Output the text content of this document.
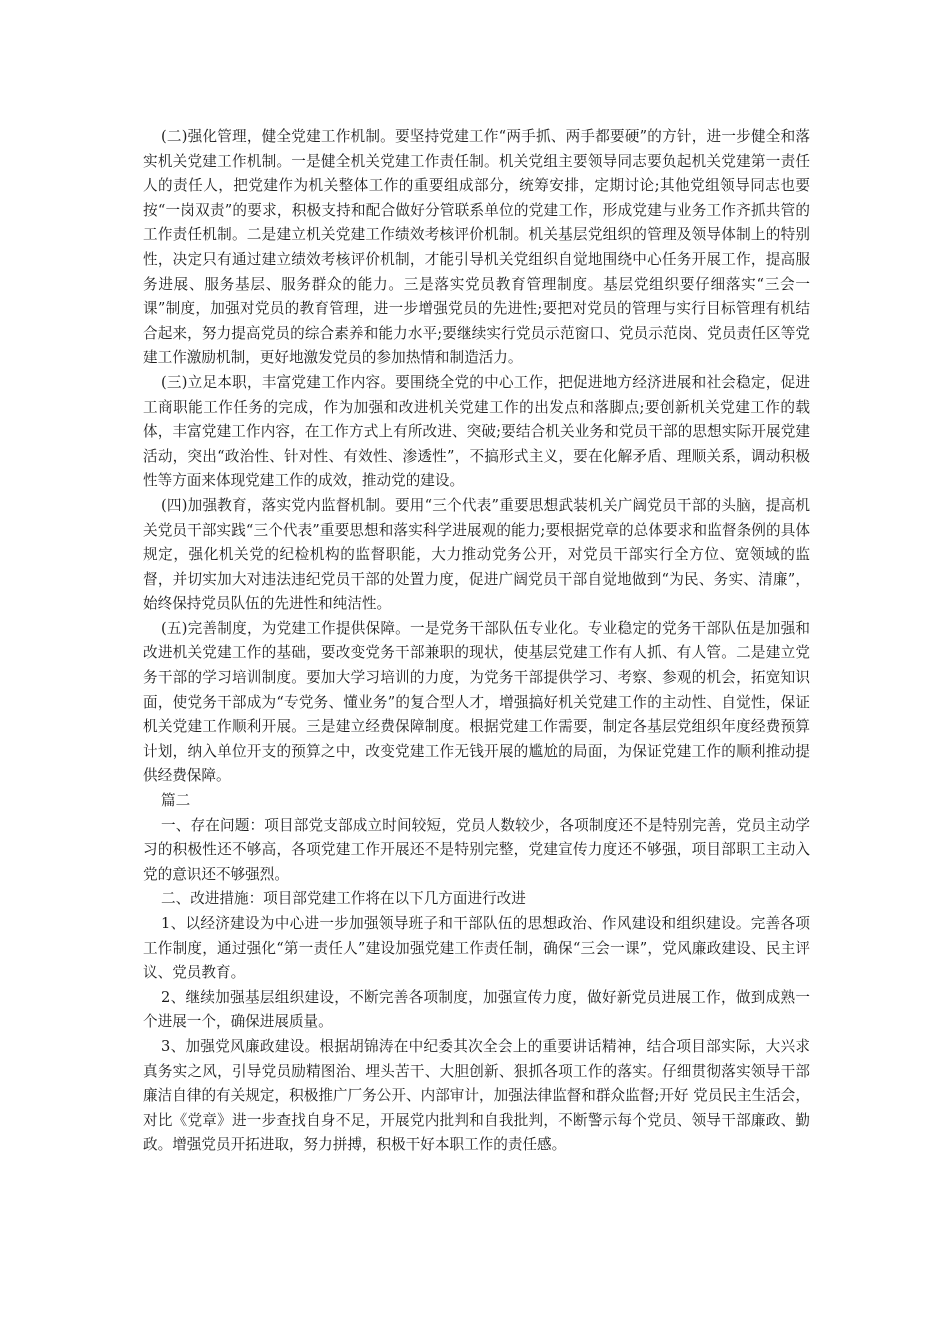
(二)强化管理，健全党建工作机制。要坚持党建工作“两手抓、两手都要硬”的方针，进一步健全和落实机关党建工作机制。一是健全机关党建工作责任制。机关党组主要领导同志要负起机关党建第一责任人的责任人，把党建作为机关整体工作的重要组成部分，统筹安排，定期讨论;其他党组领导同志也要按“一岗双责”的要求，积极支持和配合做好分管联系单位的党建工作，形成党建与业务工作齐抓共管的工作责任机制。二是建立机关党建工作绩效考核评价机制。机关基层党组织的管理及领导体制上的特别性，决定只有通过建立绩效考核评价机制，才能引导机关党组织自觉地围绕中心任务开展工作，提高服务进展、服务基层、服务群众的能力。三是落实党员教育管理制度。基层党组织要仔细落实“三会一课”制度，加强对党员的教育管理，进一步增强党员的先进性;要把对党员的管理与实行目标管理有机结合起来，努力提高党员的综合素养和能力水平;要继续实行党员示范窗口、党员示范岗、党员责任区等党建工作激励机制，更好地激发党员的参加热情和制造活力。

(三)立足本职，丰富党建工作内容。要围绕全党的中心工作，把促进地方经济进展和社会稳定，促进工商职能工作任务的完成，作为加强和改进机关党建工作的出发点和落脚点;要创新机关党建工作的载体，丰富党建工作内容，在工作方式上有所改进、突破;要结合机关业务和党员干部的思想实际开展党建活动，突出“政治性、针对性、有效性、渗透性”，不搞形式主义，要在化解矛盾、理顺关系，调动积极性等方面来体现党建工作的成效，推动党的建设。

(四)加强教育，落实党内监督机制。要用“三个代表”重要思想武装机关广阔党员干部的头脑，提高机关党员干部实践“三个代表”重要思想和落实科学进展观的能力;要根据党章的总体要求和监督条例的具体规定，强化机关党的纪检机构的监督职能，大力推动党务公开，对党员干部实行全方位、宽领域的监督，并切实加大对违法违纪党员干部的处置力度，促进广阔党员干部自觉地做到“为民、务实、清廉”，始终保持党员队伍的先进性和纯洁性。

(五)完善制度，为党建工作提供保障。一是党务干部队伍专业化。专业稳定的党务干部队伍是加强和改进机关党建工作的基础，要改变党务干部兼职的现状，使基层党建工作有人抓、有人管。二是建立党务干部的学习培训制度。要加大学习培训的力度，为党务干部提供学习、考察、参观的机会，拓宽知识面，使党务干部成为“专党务、懂业务”的复合型人才，增强搞好机关党建工作的主动性、自觉性，保证机关党建工作顺利开展。三是建立经费保障制度。根据党建工作需要，制定各基层党组织年度经费预算计划，纳入单位开支的预算之中，改变党建工作无钱开展的尴尬的局面，为保证党建工作的顺利推动提供经费保障。

篇二

一、存在问题：项目部党支部成立时间较短，党员人数较少，各项制度还不是特别完善，党员主动学习的积极性还不够高，各项党建工作开展还不是特别完整，党建宣传力度还不够强，项目部职工主动入党的意识还不够强烈。

二、改进措施：项目部党建工作将在以下几方面进行改进

1、以经济建设为中心进一步加强领导班子和干部队伍的思想政治、作风建设和组织建设。完善各项工作制度，通过强化“第一责任人”建设加强党建工作责任制，确保“三会一课”，党风廉政建设、民主评议、党员教育。

2、继续加强基层组织建设，不断完善各项制度，加强宣传力度，做好新党员进展工作，做到成熟一个进展一个，确保进展质量。

3、加强党风廉政建设。根据胡锦涛在中纪委其次全会上的重要讲话精神，结合项目部实际，大兴求真务实之风，引导党员励精图治、埋头苦干、大胆创新、狠抓各项工作的落实。仔细贯彻落实领导干部廉洁自律的有关规定，积极推广厂务公开、内部审计，加强法律监督和群众监督;开好 党员民主生活会，对比《党章》进一步查找自身不足，开展党内批判和自我批判，不断警示每个党员、领导干部廉政、勤政。增强党员开拓进取，努力拼搏，积极干好本职工作的责任感。
